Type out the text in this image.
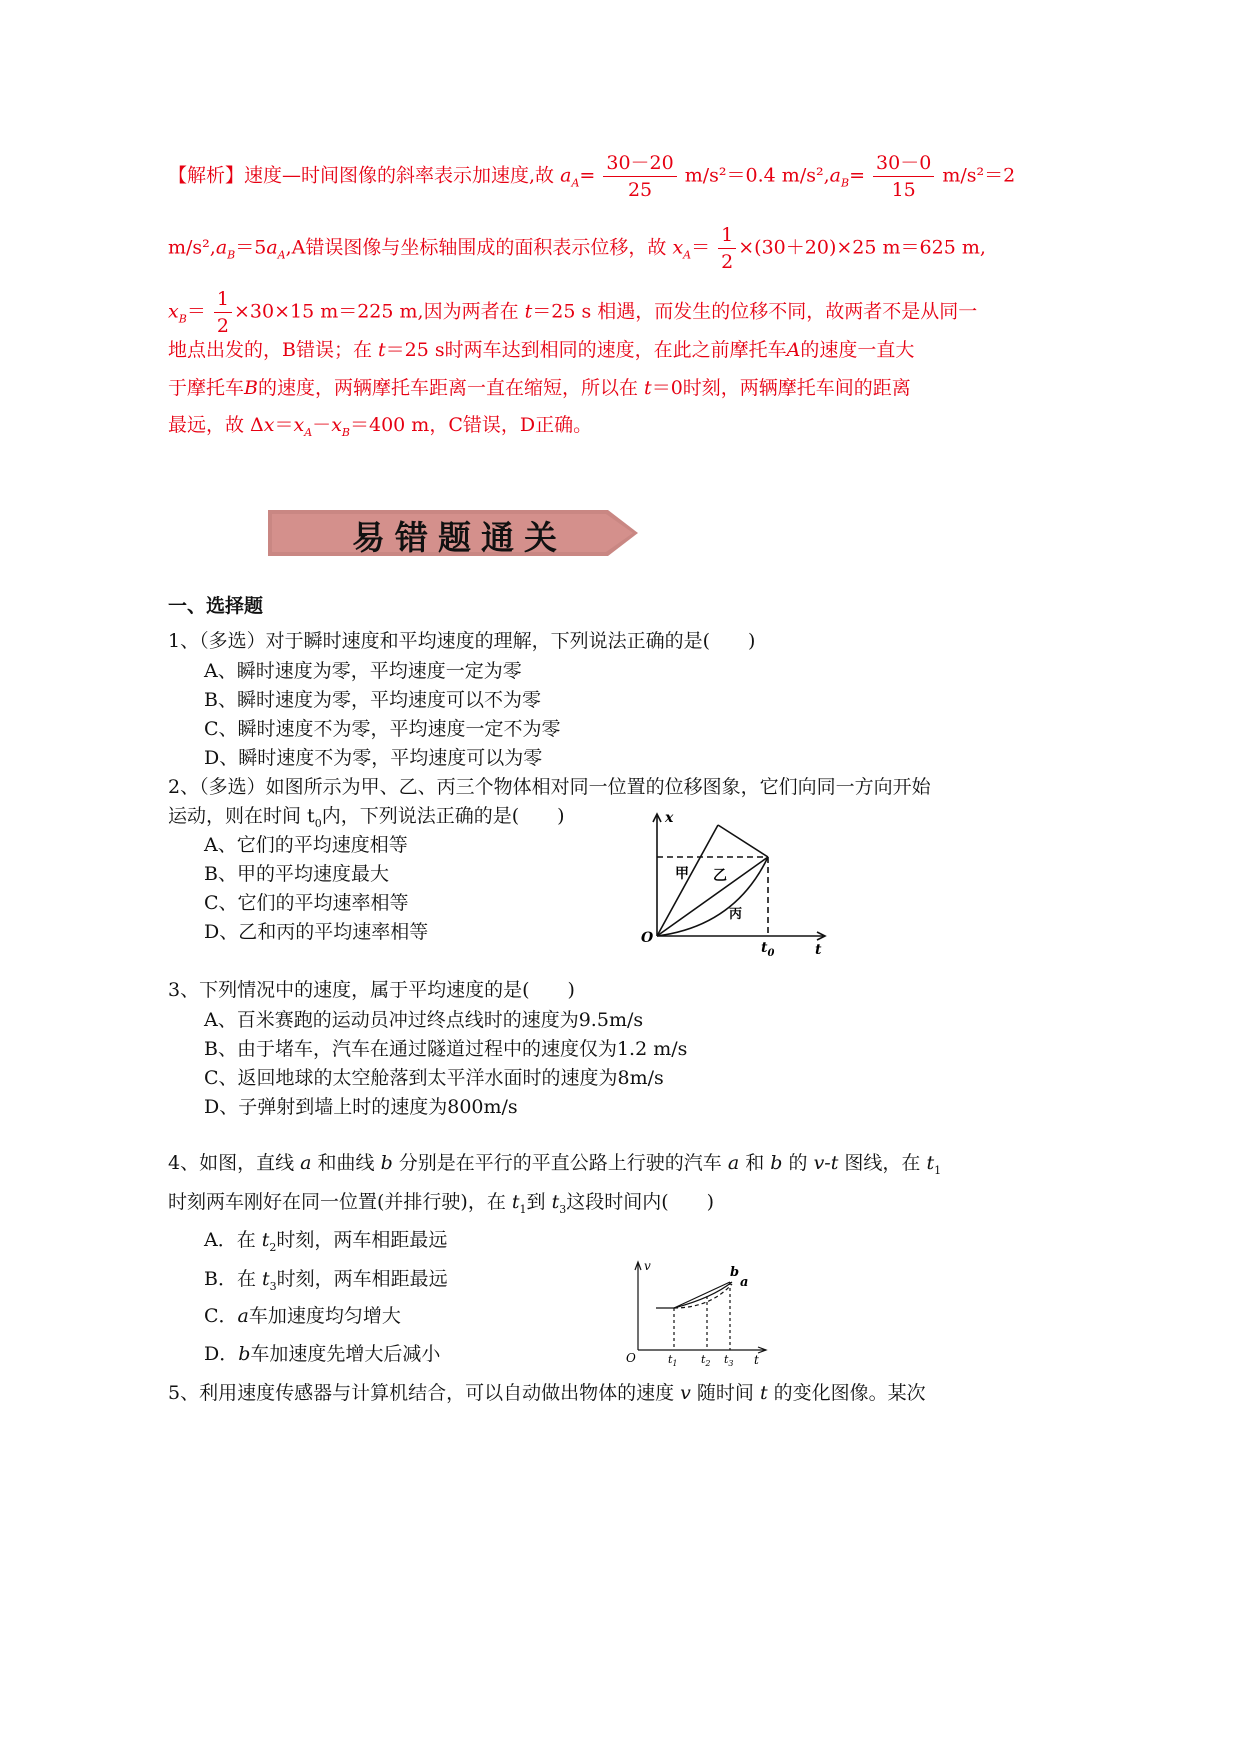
【解析】速度—时间图像的斜率表示加速度,故 $a_A= \frac{30-20}{25} m/s^2=0.4$ $m/s^2,a_B= \frac{30-0}{15} m/s^2=2$
$m/s^2,a_B=5a_A,A$错误图像与坐标轴围成的面积表示位移，故 $x_A= \frac{1}{2} \times(30+20)\times 25$ m＝625 m,
$x_B= \frac{1}{2} \times 30\times 15$ m＝225 m,因为两者在 t＝25 s 相遇，而发生的位移不同，故两者不是从同一
地点出发的，B错误；在 t＝25 s时两车达到相同的速度，在此之前摩托车A的速度一直大
于摩托车B的速度，两辆摩托车距离一直在缩短，所以在 t＝0时刻，两辆摩托车间的距离
最远，故 $\Delta x=x_A-x_B=400$ m，C错误，D正确。
易错题通关
一、选择题
1、（多选）对于瞬时速度和平均速度的理解，下列说法正确的是(　　)
A、瞬时速度为零，平均速度一定为零
B、瞬时速度为零，平均速度可以不为零
C、瞬时速度不为零，平均速度一定不为零
D、瞬时速度不为零，平均速度可以为零
2、（多选）如图所示为甲、乙、丙三个物体相对同一位置的位移图象，它们向同一方向开始
运动，则在时间 $t_0$内，下列说法正确的是(　　)
A、它们的平均速度相等
B、甲的平均速度最大
C、它们的平均速率相等
D、乙和丙的平均速率相等
x
t
O
$t_0$
甲 乙
丙
3、下列情况中的速度，属于平均速度的是(　　)
A、百米赛跑的运动员冲过终点线时的速度为9.5m/s
B、由于堵车，汽车在通过隧道过程中的速度仅为1.2 m/s
C、返回地球的太空舱落到太平洋水面时的速度为8m/s
D、子弹射到墙上时的速度为800m/s
4、如图，直线 a 和曲线 b 分别是在平行的平直公路上行驶的汽车 a 和 b 的 v-t 图线，在 $t_1$
时刻两车刚好在同一位置(并排行驶)，在 $t_1$到 $t_3$这段时间内(　　)
A．在 $t_2$时刻，两车相距最远
B．在 $t_3$时刻，两车相距最远
C．a车加速度均匀增大
D．b车加速度先增大后减小
v
t
O
b
a
$t_1$ $t_2$ $t_3$
5、利用速度传感器与计算机结合，可以自动做出物体的速度 v 随时间 t 的变化图像。某次
